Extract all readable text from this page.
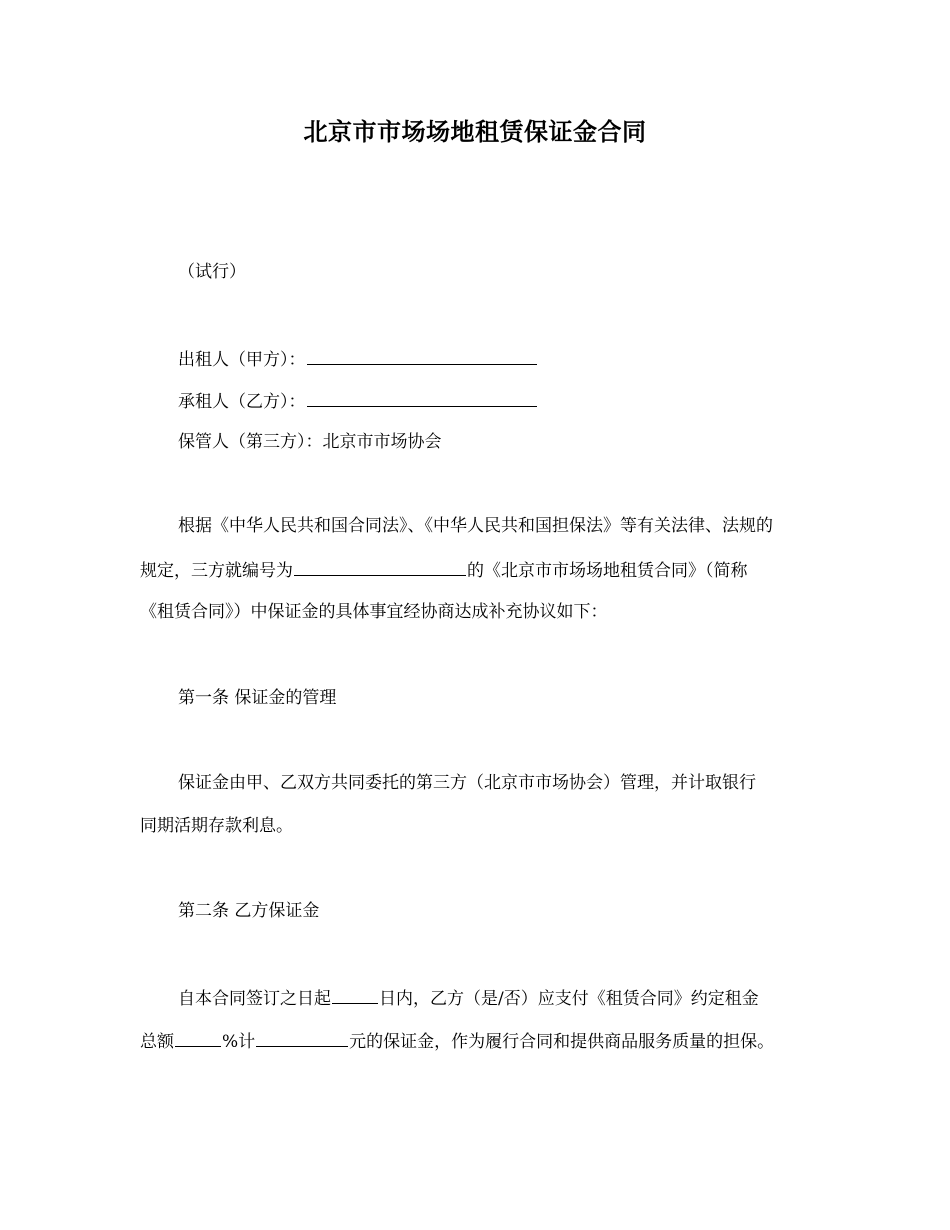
北京市市场场地租赁保证金合同
（试行）
出租人（甲方）：
承租人（乙方）：
保管人（第三方）：北京市市场协会
根据《中华人民共和国合同法》、《中华人民共和国担保法》等有关法律、法规的
规定，三方就编号为	的《北京市市场场地租赁合同》（简称
《租赁合同》）中保证金的具体事宜经协商达成补充协议如下：
第一条 保证金的管理
保证金由甲、乙双方共同委托的第三方（北京市市场协会）管理，并计取银行
同期活期存款利息。
第二条 乙方保证金
自本合同签订之日起	日内，乙方（是/否）应支付《租赁合同》约定租金
总额	%计	元的保证金，作为履行合同和提供商品服务质量的担保。
